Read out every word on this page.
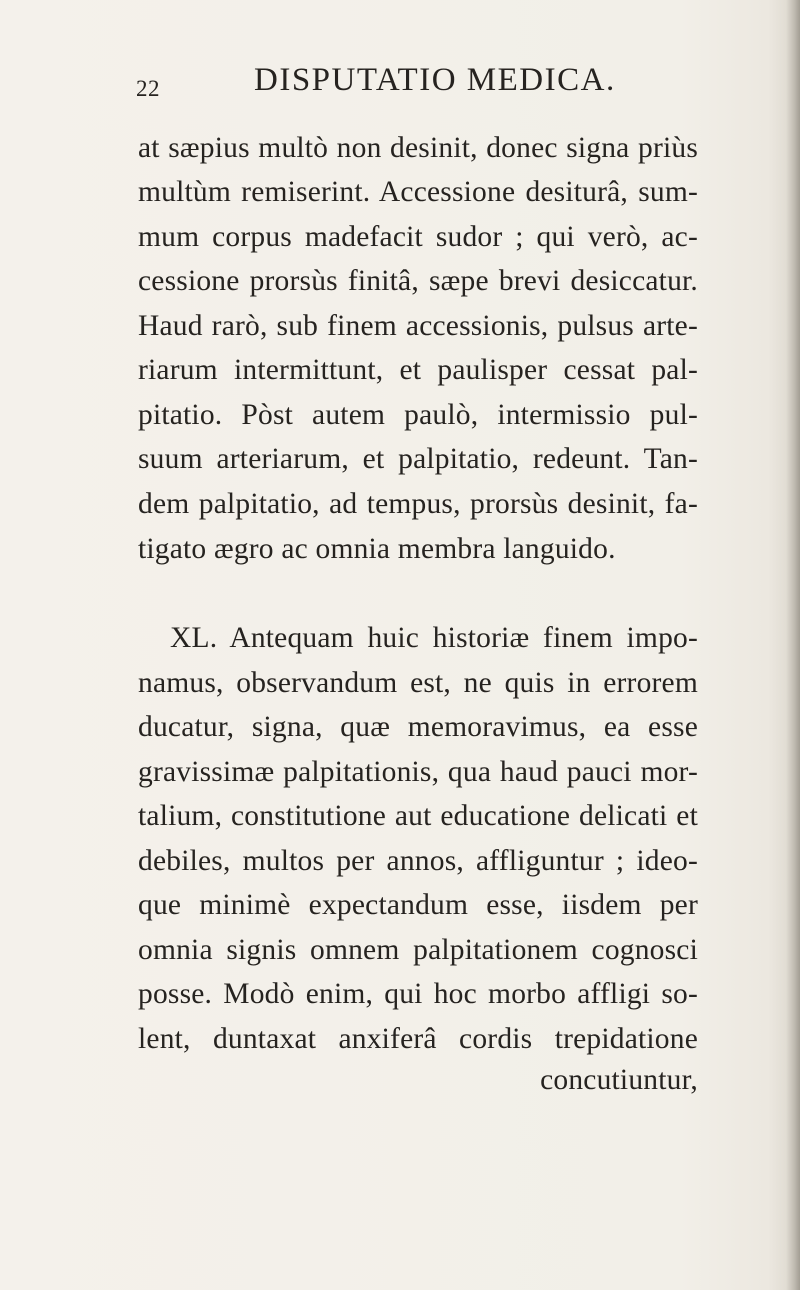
22	DISPUTATIO MEDICA.
at sæpius multò non desinit, donec signa priùs
multùm remiserint. Accessione desiturâ, sum-
mum corpus madefacit sudor ; qui verò, ac-
cessione prorsùs finitâ, sæpe brevi desiccatur.
Haud rarò, sub finem accessionis, pulsus arte-
riarum intermittunt, et paulisper cessat pal-
pitatio. Pòst autem paulò, intermissio pul-
suum arteriarum, et palpitatio, redeunt. Tan-
dem palpitatio, ad tempus, prorsùs desinit, fa-
tigato ægro ac omnia membra languido.
XL. Antequam huic historiæ finem impo-
namus, observandum est, ne quis in errorem
ducatur, signa, quæ memoravimus, ea esse
gravissimæ palpitationis, qua haud pauci mor-
talium, constitutione aut educatione delicati et
debiles, multos per annos, affliguntur ; ideo-
que minimè expectandum esse, iisdem per
omnia signis omnem palpitationem cognosci
posse. Modò enim, qui hoc morbo affligi so-
lent, duntaxat anxiferâ cordis trepidatione
concutiuntur,
